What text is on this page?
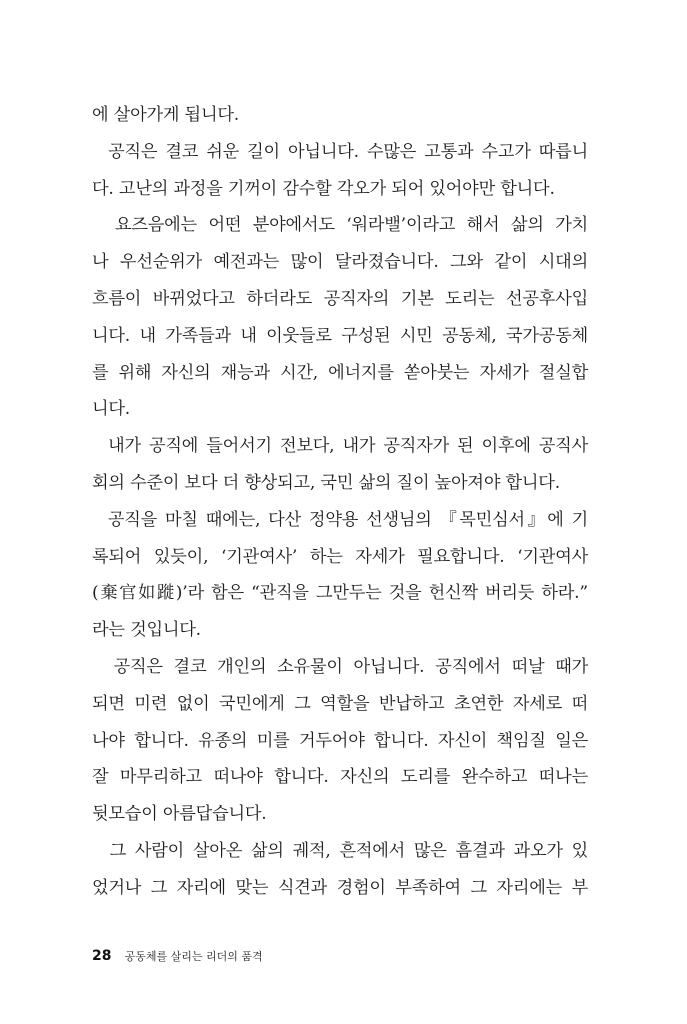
에 살아가게 됩니다.
공직은 결코 쉬운 길이 아닙니다. 수많은 고통과 수고가 따릅니
다. 고난의 과정을 기꺼이 감수할 각오가 되어 있어야만 합니다.
요즈음에는 어떤 분야에서도 ‘워라밸’이라고 해서 삶의 가치
나 우선순위가 예전과는 많이 달라졌습니다. 그와 같이 시대의
흐름이 바뀌었다고 하더라도 공직자의 기본 도리는 선공후사입
니다. 내 가족들과 내 이웃들로 구성된 시민 공동체, 국가공동체
를 위해 자신의 재능과 시간, 에너지를 쏟아붓는 자세가 절실합
니다.
내가 공직에 들어서기 전보다, 내가 공직자가 된 이후에 공직사
회의 수준이 보다 더 향상되고, 국민 삶의 질이 높아져야 합니다.
공직을 마칠 때에는, 다산 정약용 선생님의 『목민심서』에 기
록되어 있듯이, ‘기관여사’ 하는 자세가 필요합니다. ‘기관여사
(棄官如蹝)’라 함은 “관직을 그만두는 것을 헌신짝 버리듯 하라.”
라는 것입니다.
공직은 결코 개인의 소유물이 아닙니다. 공직에서 떠날 때가
되면 미련 없이 국민에게 그 역할을 반납하고 초연한 자세로 떠
나야 합니다. 유종의 미를 거두어야 합니다. 자신이 책임질 일은
잘 마무리하고 떠나야 합니다. 자신의 도리를 완수하고 떠나는
뒷모습이 아름답습니다.
그 사람이 살아온 삶의 궤적, 흔적에서 많은 흠결과 과오가 있
었거나 그 자리에 맞는 식견과 경험이 부족하여 그 자리에는 부
28 공동체를 살리는 리더의 품격
